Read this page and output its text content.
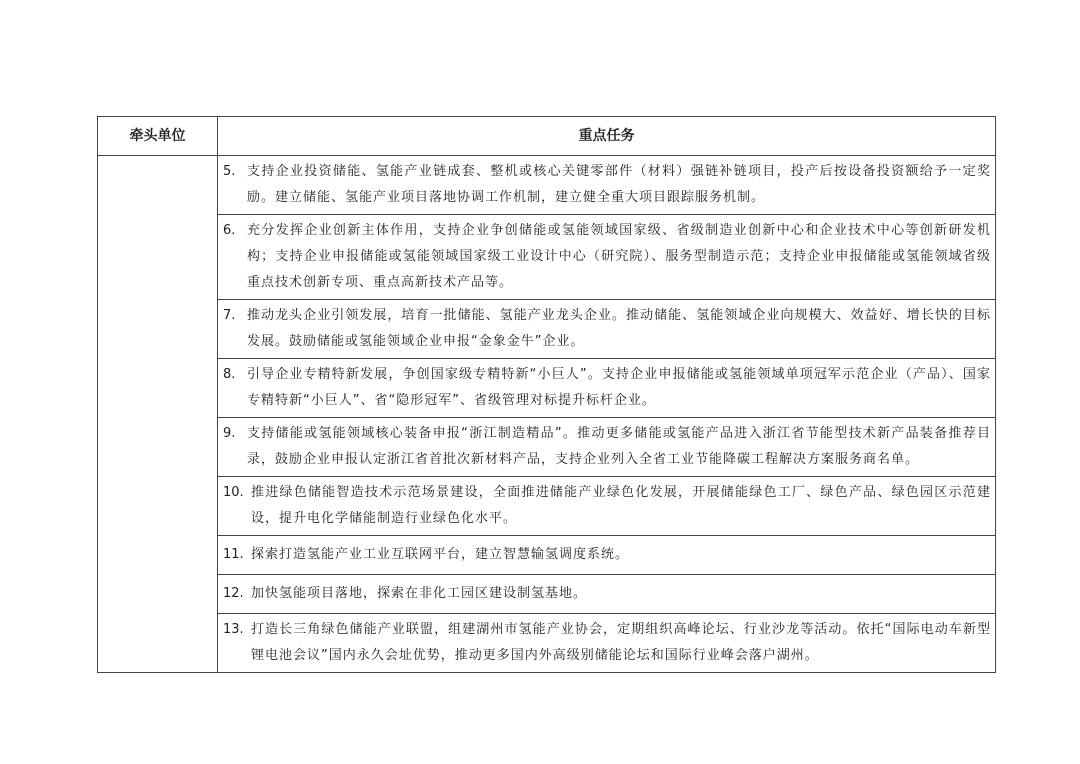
牵头单位	重点任务

	5. 支持企业投资储能、氢能产业链成套、整机或核心关键零部件（材料）强链补链项目，投产后按设备投资额给予一定奖励。建立储能、氢能产业项目落地协调工作机制，建立健全重大项目跟踪服务机制。

	6. 充分发挥企业创新主体作用，支持企业争创储能或氢能领域国家级、省级制造业创新中心和企业技术中心等创新研发机构；支持企业申报储能或氢能领域国家级工业设计中心（研究院）、服务型制造示范；支持企业申报储能或氢能领域省级重点技术创新专项、重点高新技术产品等。

	7. 推动龙头企业引领发展，培育一批储能、氢能产业龙头企业。推动储能、氢能领域企业向规模大、效益好、增长快的目标发展。鼓励储能或氢能领域企业申报“金象金牛”企业。

	8. 引导企业专精特新发展，争创国家级专精特新“小巨人”。支持企业申报储能或氢能领域单项冠军示范企业（产品）、国家专精特新“小巨人”、省“隐形冠军”、省级管理对标提升标杆企业。

	9. 支持储能或氢能领域核心装备申报“浙江制造精品”。推动更多储能或氢能产品进入浙江省节能型技术新产品装备推荐目录，鼓励企业申报认定浙江省首批次新材料产品，支持企业列入全省工业节能降碳工程解决方案服务商名单。

	10. 推进绿色储能智造技术示范场景建设，全面推进储能产业绿色化发展，开展储能绿色工厂、绿色产品、绿色园区示范建设，提升电化学储能制造行业绿色化水平。

	11. 探索打造氢能产业工业互联网平台，建立智慧输氢调度系统。

	12. 加快氢能项目落地，探索在非化工园区建设制氢基地。

	13. 打造长三角绿色储能产业联盟，组建湖州市氢能产业协会，定期组织高峰论坛、行业沙龙等活动。依托“国际电动车新型锂电池会议”国内永久会址优势，推动更多国内外高级别储能论坛和国际行业峰会落户湖州。
